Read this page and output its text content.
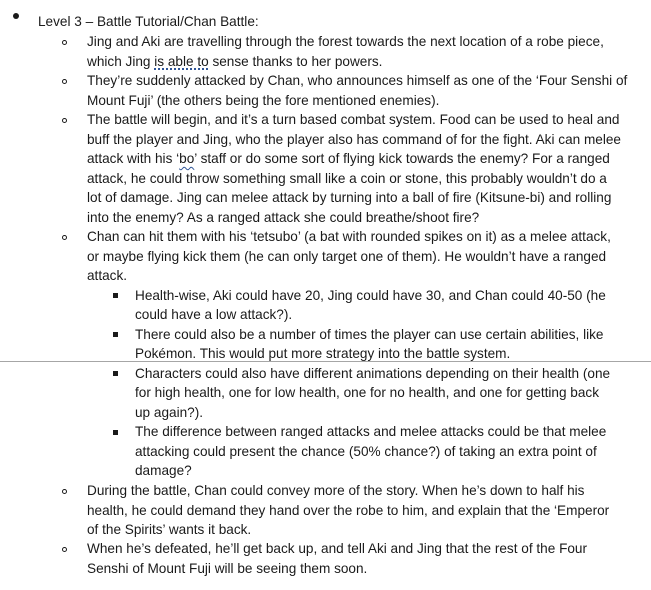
Level 3 – Battle Tutorial/Chan Battle:
Jing and Aki are travelling through the forest towards the next location of a robe piece,
which Jing is able to sense thanks to her powers.
They’re suddenly attacked by Chan, who announces himself as one of the ‘Four Senshi of
Mount Fuji’ (the others being the fore mentioned enemies).
The battle will begin, and it’s a turn based combat system. Food can be used to heal and
buff the player and Jing, who the player also has command of for the fight. Aki can melee
attack with his ‘bo’ staff or do some sort of flying kick towards the enemy? For a ranged
attack, he could throw something small like a coin or stone, this probably wouldn’t do a
lot of damage. Jing can melee attack by turning into a ball of fire (Kitsune-bi) and rolling
into the enemy? As a ranged attack she could breathe/shoot fire?
Chan can hit them with his ‘tetsubo’ (a bat with rounded spikes on it) as a melee attack,
or maybe flying kick them (he can only target one of them). He wouldn’t have a ranged
attack.
Health-wise, Aki could have 20, Jing could have 30, and Chan could 40-50 (he
could have a low attack?).
There could also be a number of times the player can use certain abilities, like
Pokémon. This would put more strategy into the battle system.
Characters could also have different animations depending on their health (one
for high health, one for low health, one for no health, and one for getting back
up again?).
The difference between ranged attacks and melee attacks could be that melee
attacking could present the chance (50% chance?) of taking an extra point of
damage?
During the battle, Chan could convey more of the story. When he’s down to half his
health, he could demand they hand over the robe to him, and explain that the ‘Emperor
of the Spirits’ wants it back.
When he’s defeated, he’ll get back up, and tell Aki and Jing that the rest of the Four
Senshi of Mount Fuji will be seeing them soon.
